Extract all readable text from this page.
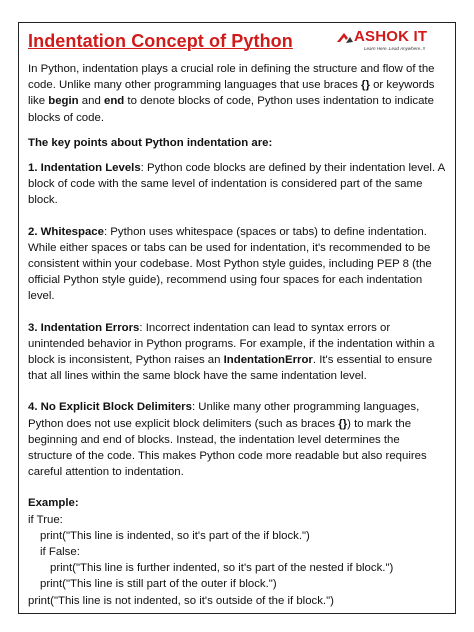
Indentation Concept of Python	ASHOK IT
Learn Here..Lead Anywhere..!!

In Python, indentation plays a crucial role in defining the structure and flow of the code. Unlike many other programming languages that use braces {} or keywords like begin and end to denote blocks of code, Python uses indentation to indicate blocks of code.

The key points about Python indentation are:

1. Indentation Levels: Python code blocks are defined by their indentation level. A block of code with the same level of indentation is considered part of the same block.

2. Whitespace: Python uses whitespace (spaces or tabs) to define indentation. While either spaces or tabs can be used for indentation, it's recommended to be consistent within your codebase. Most Python style guides, including PEP 8 (the official Python style guide), recommend using four spaces for each indentation level.

3. Indentation Errors: Incorrect indentation can lead to syntax errors or unintended behavior in Python programs. For example, if the indentation within a block is inconsistent, Python raises an IndentationError. It's essential to ensure that all lines within the same block have the same indentation level.

4. No Explicit Block Delimiters: Unlike many other programming languages, Python does not use explicit block delimiters (such as braces {}) to mark the beginning and end of blocks. Instead, the indentation level determines the structure of the code. This makes Python code more readable but also requires careful attention to indentation.

Example:

if True:
print("This line is indented, so it's part of the if block.")
if False:
print("This line is further indented, so it's part of the nested if block.")
print("This line is still part of the outer if block.")
print("This line is not indented, so it's outside of the if block.")
